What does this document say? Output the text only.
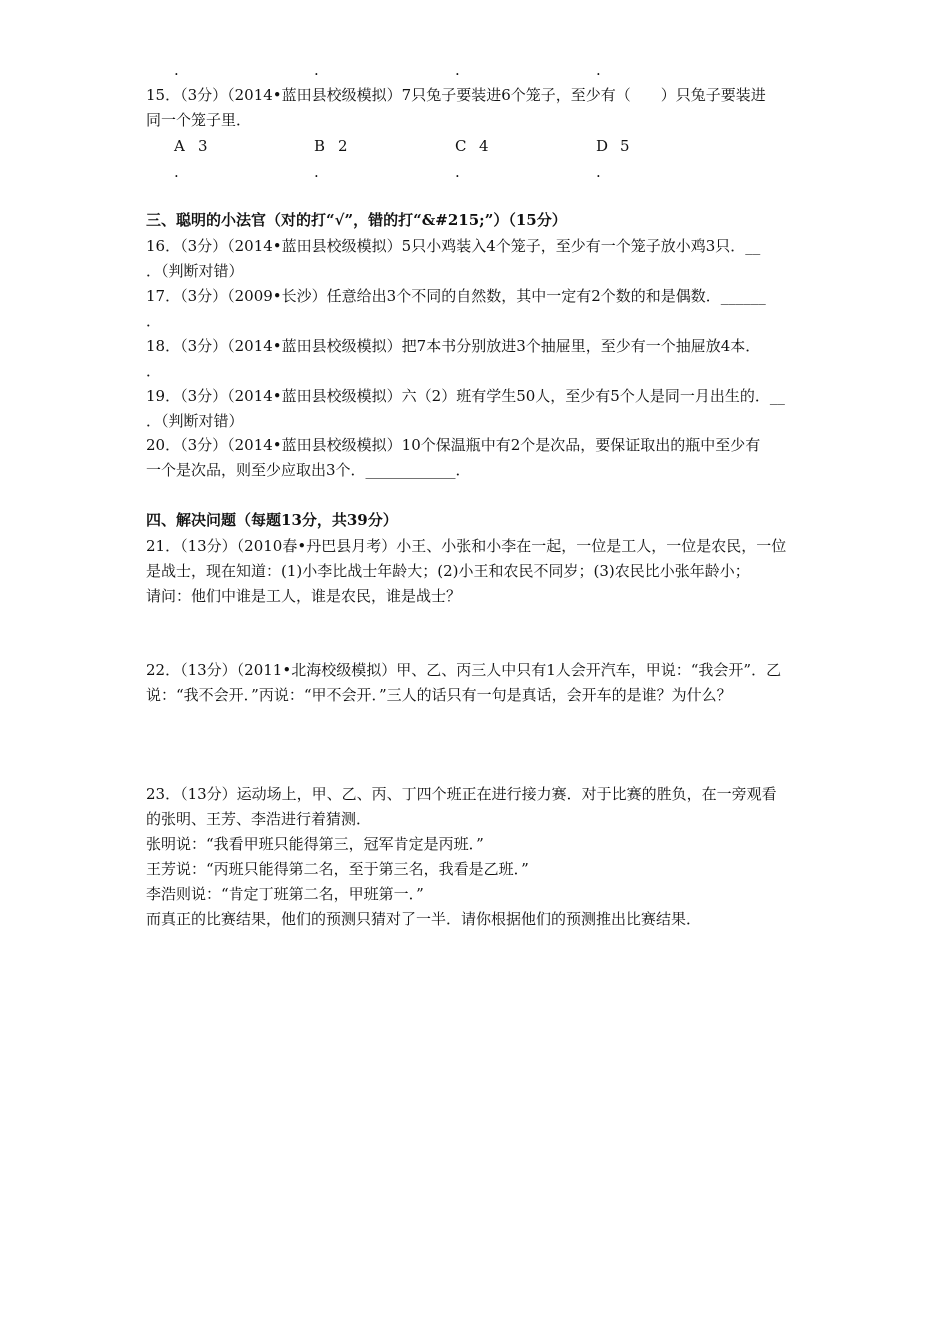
.	.	.	.
15．（3分）（2014•蓝田县校级模拟）7只兔子要装进6个笼子，至少有（　　）只兔子要装进
同一个笼子里．
A 3	B 2	C 4	D 5
.	.	.	.
三、聪明的小法官（对的打“√”，错的打“&#215;”）（15分）
16．（3分）（2014•蓝田县校级模拟）5只小鸡装入4个笼子，至少有一个笼子放小鸡3只．__
．（判断对错）
17．（3分）（2009•长沙）任意给出3个不同的自然数，其中一定有2个数的和是偶数．______
．
18．（3分）（2014•蓝田县校级模拟）把7本书分别放进3个抽屉里，至少有一个抽屉放4本．
．
19．（3分）（2014•蓝田县校级模拟）六（2）班有学生50人，至少有5个人是同一月出生的．__
．（判断对错）
20．（3分）（2014•蓝田县校级模拟）10个保温瓶中有2个是次品，要保证取出的瓶中至少有
一个是次品，则至少应取出3个．____________．
四、解决问题（每题13分，共39分）
21．（13分）（2010春•丹巴县月考）小王、小张和小李在一起，一位是工人，一位是农民，一位
是战士，现在知道：(1)小李比战士年龄大；(2)小王和农民不同岁；(3)农民比小张年龄小；
请问：他们中谁是工人，谁是农民，谁是战士？
22．（13分）（2011•北海校级模拟）甲、乙、丙三人中只有1人会开汽车，甲说：“我会开”．乙
说：“我不会开．”丙说：“甲不会开．”三人的话只有一句是真话，会开车的是谁？为什么？
23．（13分）运动场上，甲、乙、丙、丁四个班正在进行接力赛．对于比赛的胜负，在一旁观看
的张明、王芳、李浩进行着猜测．
张明说：“我看甲班只能得第三，冠军肯定是丙班．”
王芳说：“丙班只能得第二名，至于第三名，我看是乙班．”
李浩则说：“肯定丁班第二名，甲班第一．”
而真正的比赛结果，他们的预测只猜对了一半．请你根据他们的预测推出比赛结果．
